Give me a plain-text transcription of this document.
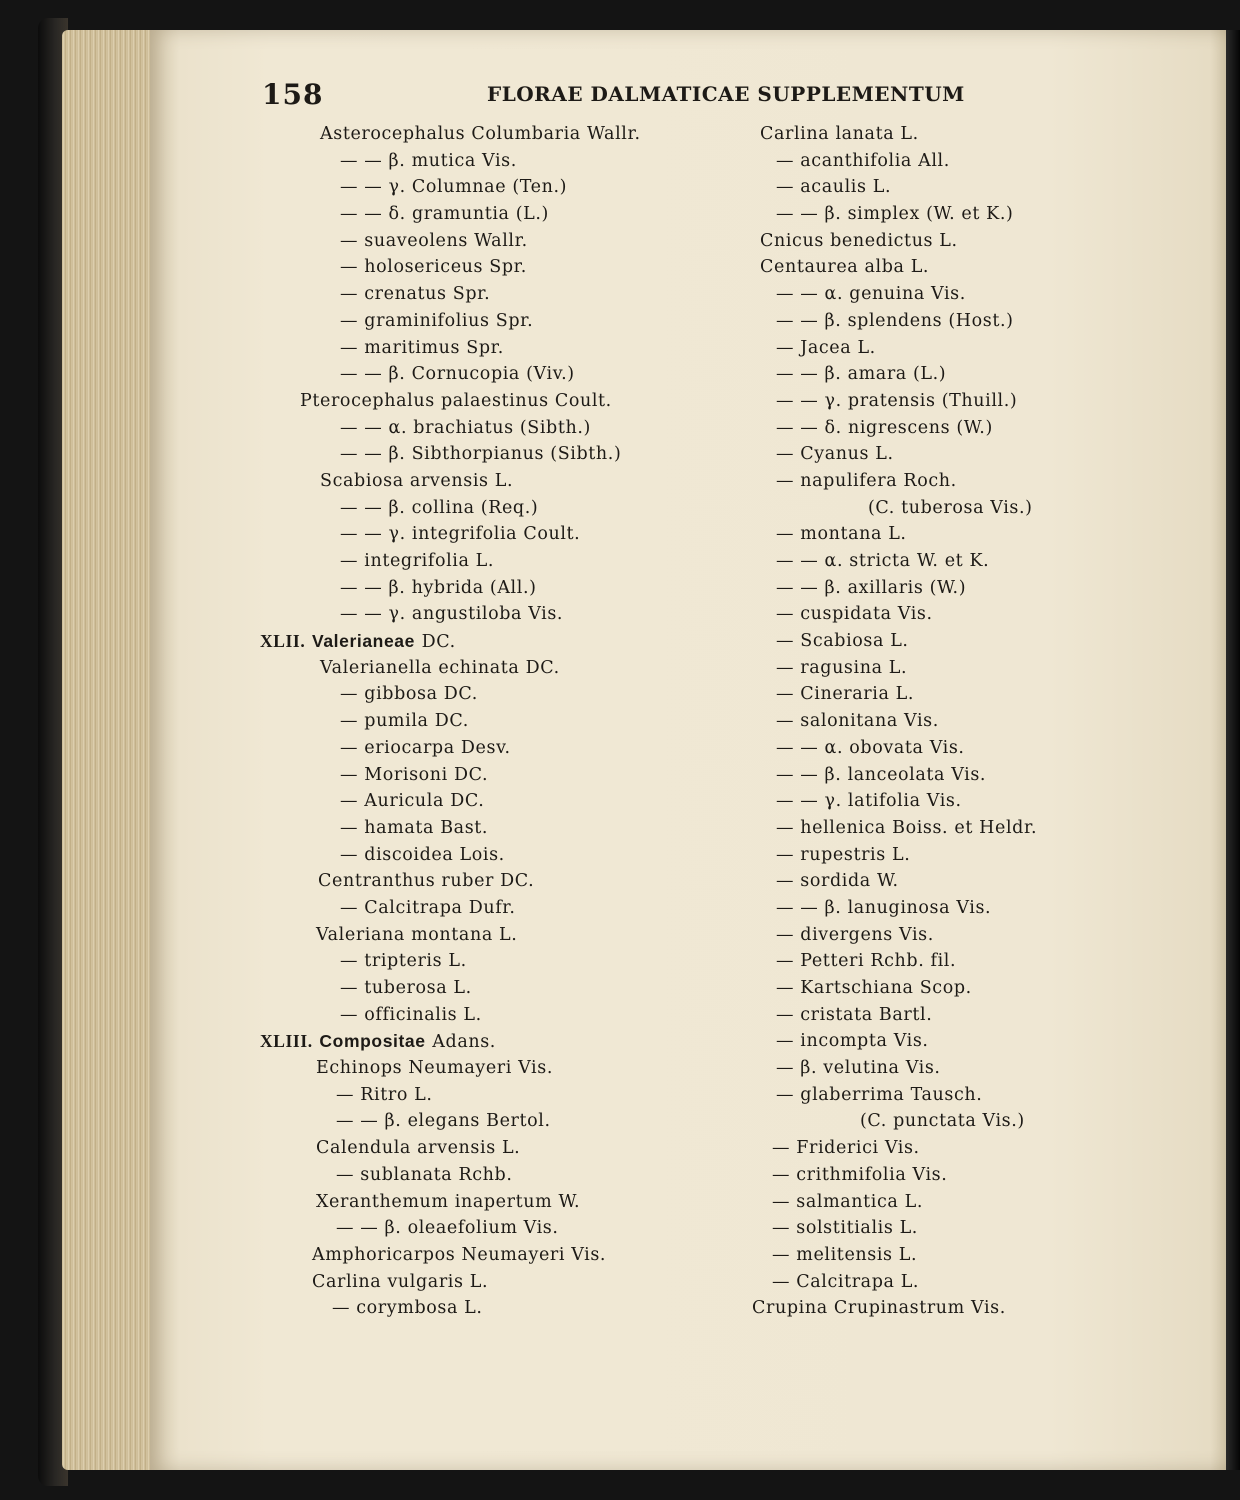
158	FLORAE DALMATICAE SUPPLEMENTUM
Asterocephalus Columbaria Wallr.
— — β. mutica Vis.
— — γ. Columnae (Ten.)
— — δ. gramuntia (L.)
— suaveolens Wallr.
— holosericeus Spr.
— crenatus Spr.
— graminifolius Spr.
— maritimus Spr.
— — β. Cornucopia (Viv.)
Pterocephalus palaestinus Coult.
— — α. brachiatus (Sibth.)
— — β. Sibthorpianus (Sibth.)
Scabiosa arvensis L.
— — β. collina (Req.)
— — γ. integrifolia Coult.
— integrifolia L.
— — β. hybrida (All.)
— — γ. angustiloba Vis.
XLII. Valerianeae DC.
Valerianella echinata DC.
— gibbosa DC.
— pumila DC.
— eriocarpa Desv.
— Morisoni DC.
— Auricula DC.
— hamata Bast.
— discoidea Lois.
Centranthus ruber DC.
— Calcitrapa Dufr.
Valeriana montana L.
— tripteris L.
— tuberosa L.
— officinalis L.
XLIII. Compositae Adans.
Echinops Neumayeri Vis.
— Ritro L.
— — β. elegans Bertol.
Calendula arvensis L.
— sublanata Rchb.
Xeranthemum inapertum W.
— — β. oleaefolium Vis.
Amphoricarpos Neumayeri Vis.
Carlina vulgaris L.
— corymbosa L.
Carlina lanata L.
— acanthifolia All.
— acaulis L.
— — β. simplex (W. et K.)
Cnicus benedictus L.
Centaurea alba L.
— — α. genuina Vis.
— — β. splendens (Host.)
— Jacea L.
— — β. amara (L.)
— — γ. pratensis (Thuill.)
— — δ. nigrescens (W.)
— Cyanus L.
— napulifera Roch.
(C. tuberosa Vis.)
— montana L.
— — α. stricta W. et K.
— — β. axillaris (W.)
— cuspidata Vis.
— Scabiosa L.
— ragusina L.
— Cineraria L.
— salonitana Vis.
— — α. obovata Vis.
— — β. lanceolata Vis.
— — γ. latifolia Vis.
— hellenica Boiss. et Heldr.
— rupestris L.
— sordida W.
— — β. lanuginosa Vis.
— divergens Vis.
— Petteri Rchb. fil.
— Kartschiana Scop.
— cristata Bartl.
— incompta Vis.
— β. velutina Vis.
— glaberrima Tausch.
(C. punctata Vis.)
— Friderici Vis.
— crithmifolia Vis.
— salmantica L.
— solstitialis L.
— melitensis L.
— Calcitrapa L.
Crupina Crupinastrum Vis.
